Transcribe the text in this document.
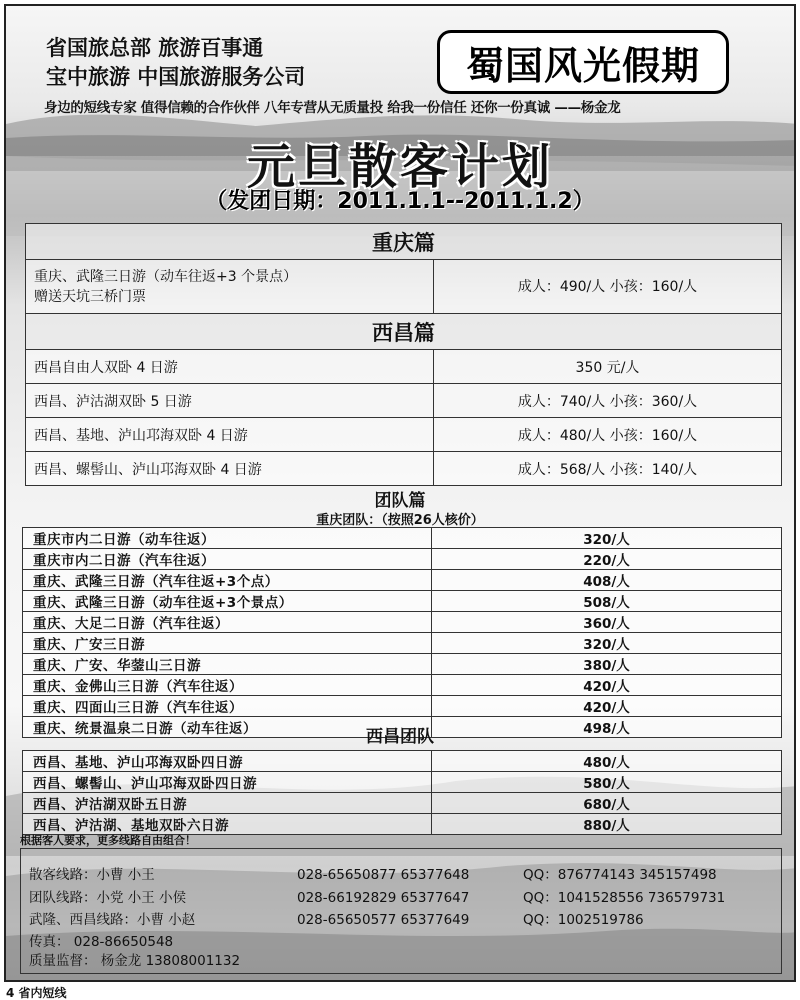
省国旅总部 旅游百事通
宝中旅游 中国旅游服务公司	蜀国风光假期
身边的短线专家 值得信赖的合作伙伴 八年专营从无质量投 给我一份信任 还你一份真诚 ——杨金龙
元旦散客计划
（发团日期：2011.1.1--2011.1.2）
重庆篇	

重庆、武隆三日游（动车往返+3 个景点）
赠送天坑三桥门票	成人：490/人 小孩：160/人
西昌篇	
西昌自由人双卧 4 日游	350 元/人
西昌、泸沽湖双卧 5 日游	成人：740/人 小孩：360/人
西昌、基地、泸山邛海双卧 4 日游	成人：480/人 小孩：160/人
西昌、螺髻山、泸山邛海双卧 4 日游	成人：568/人 小孩：140/人
团队篇
重庆团队：（按照26人核价）
重庆市内二日游（动车往返）	320/人
重庆市内二日游（汽车往返）	220/人
重庆、武隆三日游（汽车往返+3个点）	408/人
重庆、武隆三日游（动车往返+3个景点）	508/人
重庆、大足二日游（汽车往返）	360/人
重庆、广安三日游	320/人
重庆、广安、华蓥山三日游	380/人
重庆、金佛山三日游（汽车往返）	420/人
重庆、四面山三日游（汽车往返）	420/人
重庆、统景温泉二日游（动车往返）	498/人
西昌团队
西昌、基地、泸山邛海双卧四日游	480/人
西昌、螺髻山、泸山邛海双卧四日游	580/人
西昌、泸沽湖双卧五日游	680/人
西昌、泸沽湖、基地双卧六日游	880/人
根据客人要求，更多线路自由组合！
散客线路：小曹 小王	028-65650877 65377648	QQ：876774143 345157498
团队线路：小党 小王 小侯	028-66192829 65377647	QQ：1041528556 736579731
武隆、西昌线路：小曹 小赵	028-65650577 65377649	QQ：1002519786
传真： 028-86650548
质量监督： 杨金龙 13808001132
4 省内短线
